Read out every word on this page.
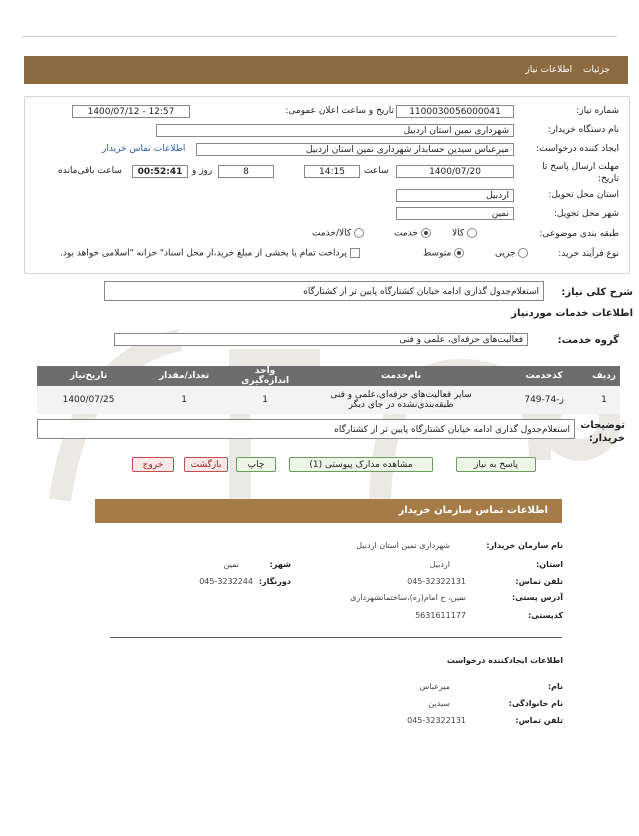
جزئیات اطلاعات نیاز
شماره نیاز:
1100030056000041
تاریخ و ساعت اعلان عمومی:
1400/07/12 - 12:57
نام دستگاه خریدار:
شهرداری نمین استان اردبیل
ایجاد کننده درخواست:
میرعباس سیدین حسابدار شهرداری نمین استان اردبیل
اطلاعات تماس خریدار
مهلت ارسال پاسخ تا تاریخ:
1400/07/20
ساعت
14:15
8
روز و
00:52:41
ساعت باقی‌مانده
استان محل تحویل:
اردبیل
شهر محل تحویل:
نمین
طبقه بندی موضوعی:
کالا
خدمت
کالا/خدمت
نوع فرآیند خرید:
جزیی
متوسط
پرداخت تمام یا بخشی از مبلغ خرید،از محل اسناد" خزانه "اسلامی خواهد بود.
شرح کلی نیاز:
استعلام‌جدول گذاری ادامه خیابان کشتارگاه پایین تر از کشتارگاه
اطلاعات خدمات موردنیاز
گروه خدمت:
فعالیت‌های حرفه‌ای، علمی و فنی
ردیف	کدخدمت	نام‌خدمت	واحد اندازه‌گیری	تعداد/مقدار	تاریخ‌نیاز
1	ز-74-749	سایر فعالیت‌های حرفه‌ای،علمی و فنی
طبقه‌بندی‌نشده در جای دیگر	1	1	1400/07/25
توضیحات خریدار:
استعلام‌جدول گذاری ادامه خیابان کشتارگاه پایین تر از کشتارگاه
پاسخ به نیاز
مشاهده مدارک پیوستی (1)
چاپ
بازگشت
خروج
اطلاعات تماس سازمان خریدار
نام سازمان خریدار:
شهرداری نمین استان اردبیل
استان:
اردبیل
شهر:
نمین
تلفن تماس:
045-32322131
دورنگار:
045-3232244
آدرس پستی:
نمین، خ امام(ره)،ساختمانشهرداری
کدپستی:
5631611177
اطلاعات ایجادکننده درخواست
نام:
میرعباس
نام خانوادگی:
سیدین
تلفن تماس:
045-32322131
